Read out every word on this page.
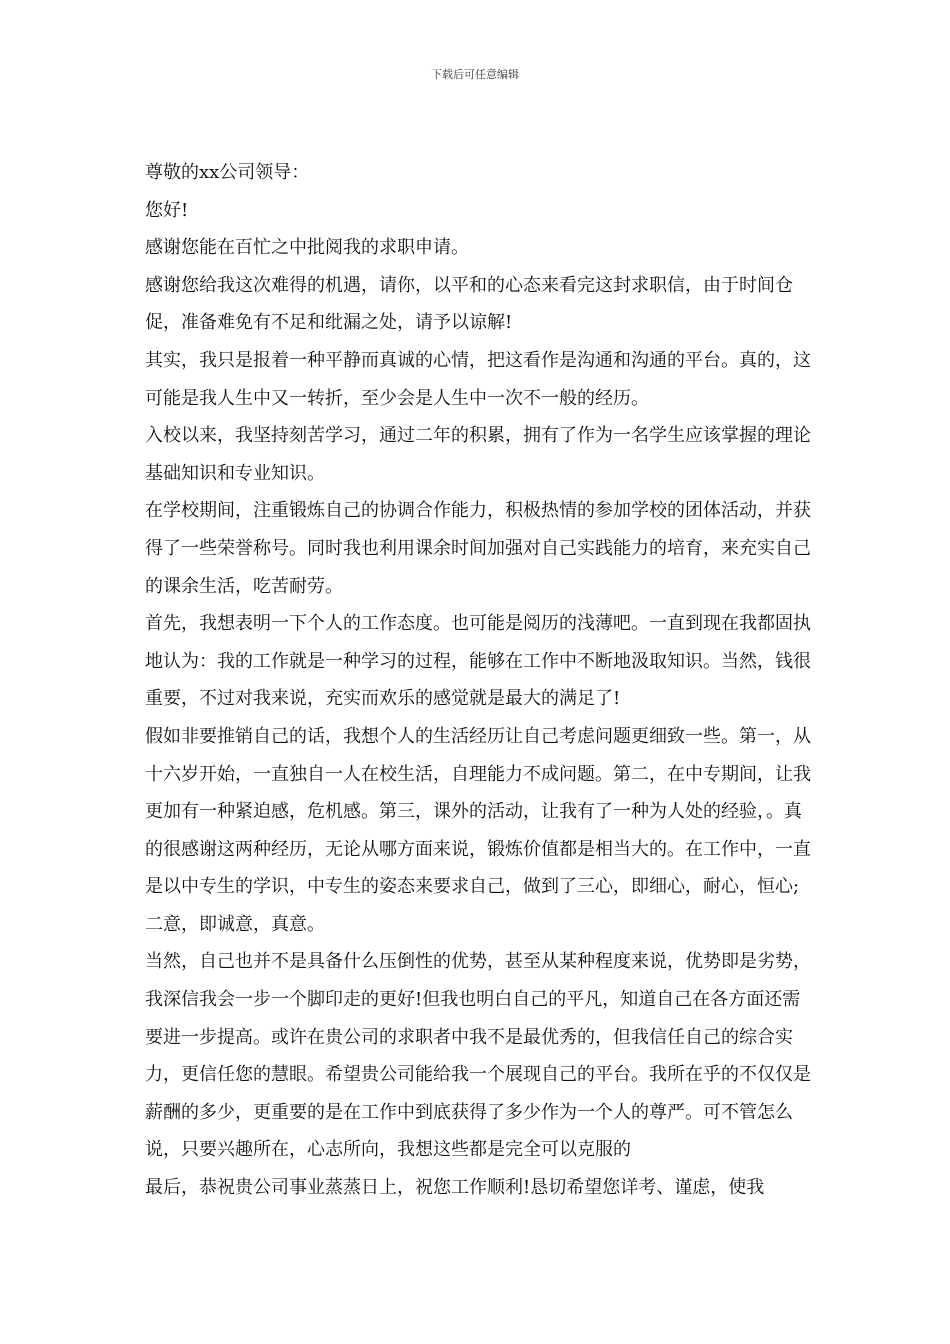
下载后可任意编辑

尊敬的xx公司领导：

您好!

感谢您能在百忙之中批阅我的求职申请。

感谢您给我这次难得的机遇，请你，以平和的心态来看完这封求职信，由于时间仓促，准备难免有不足和纰漏之处，请予以谅解!

其实，我只是报着一种平静而真诚的心情，把这看作是沟通和沟通的平台。真的，这可能是我人生中又一转折，至少会是人生中一次不一般的经历。

入校以来，我坚持刻苦学习，通过二年的积累，拥有了作为一名学生应该掌握的理论基础知识和专业知识。

在学校期间，注重锻炼自己的协调合作能力，积极热情的参加学校的团体活动，并获得了一些荣誉称号。同时我也利用课余时间加强对自己实践能力的培育，来充实自己的课余生活，吃苦耐劳。

首先，我想表明一下个人的工作态度。也可能是阅历的浅薄吧。一直到现在我都固执地认为：我的工作就是一种学习的过程，能够在工作中不断地汲取知识。当然，钱很重要，不过对我来说，充实而欢乐的感觉就是最大的满足了!

假如非要推销自己的话，我想个人的生活经历让自己考虑问题更细致一些。第一，从十六岁开始，一直独自一人在校生活，自理能力不成问题。第二，在中专期间，让我更加有一种紧迫感，危机感。第三，课外的活动，让我有了一种为人处的经验，。真的很感谢这两种经历，无论从哪方面来说，锻炼价值都是相当大的。在工作中，一直是以中专生的学识，中专生的姿态来要求自己，做到了三心，即细心，耐心，恒心;二意，即诚意，真意。

当然，自己也并不是具备什么压倒性的优势，甚至从某种程度来说，优势即是劣势，我深信我会一步一个脚印走的更好!但我也明白自己的平凡，知道自己在各方面还需要进一步提高。或许在贵公司的求职者中我不是最优秀的，但我信任自己的综合实力，更信任您的慧眼。希望贵公司能给我一个展现自己的平台。我所在乎的不仅仅是薪酬的多少，更重要的是在工作中到底获得了多少作为一个人的尊严。可不管怎么说，只要兴趣所在，心志所向，我想这些都是完全可以克服的

最后，恭祝贵公司事业蒸蒸日上，祝您工作顺利!恳切希望您详考、谨虑，使我
